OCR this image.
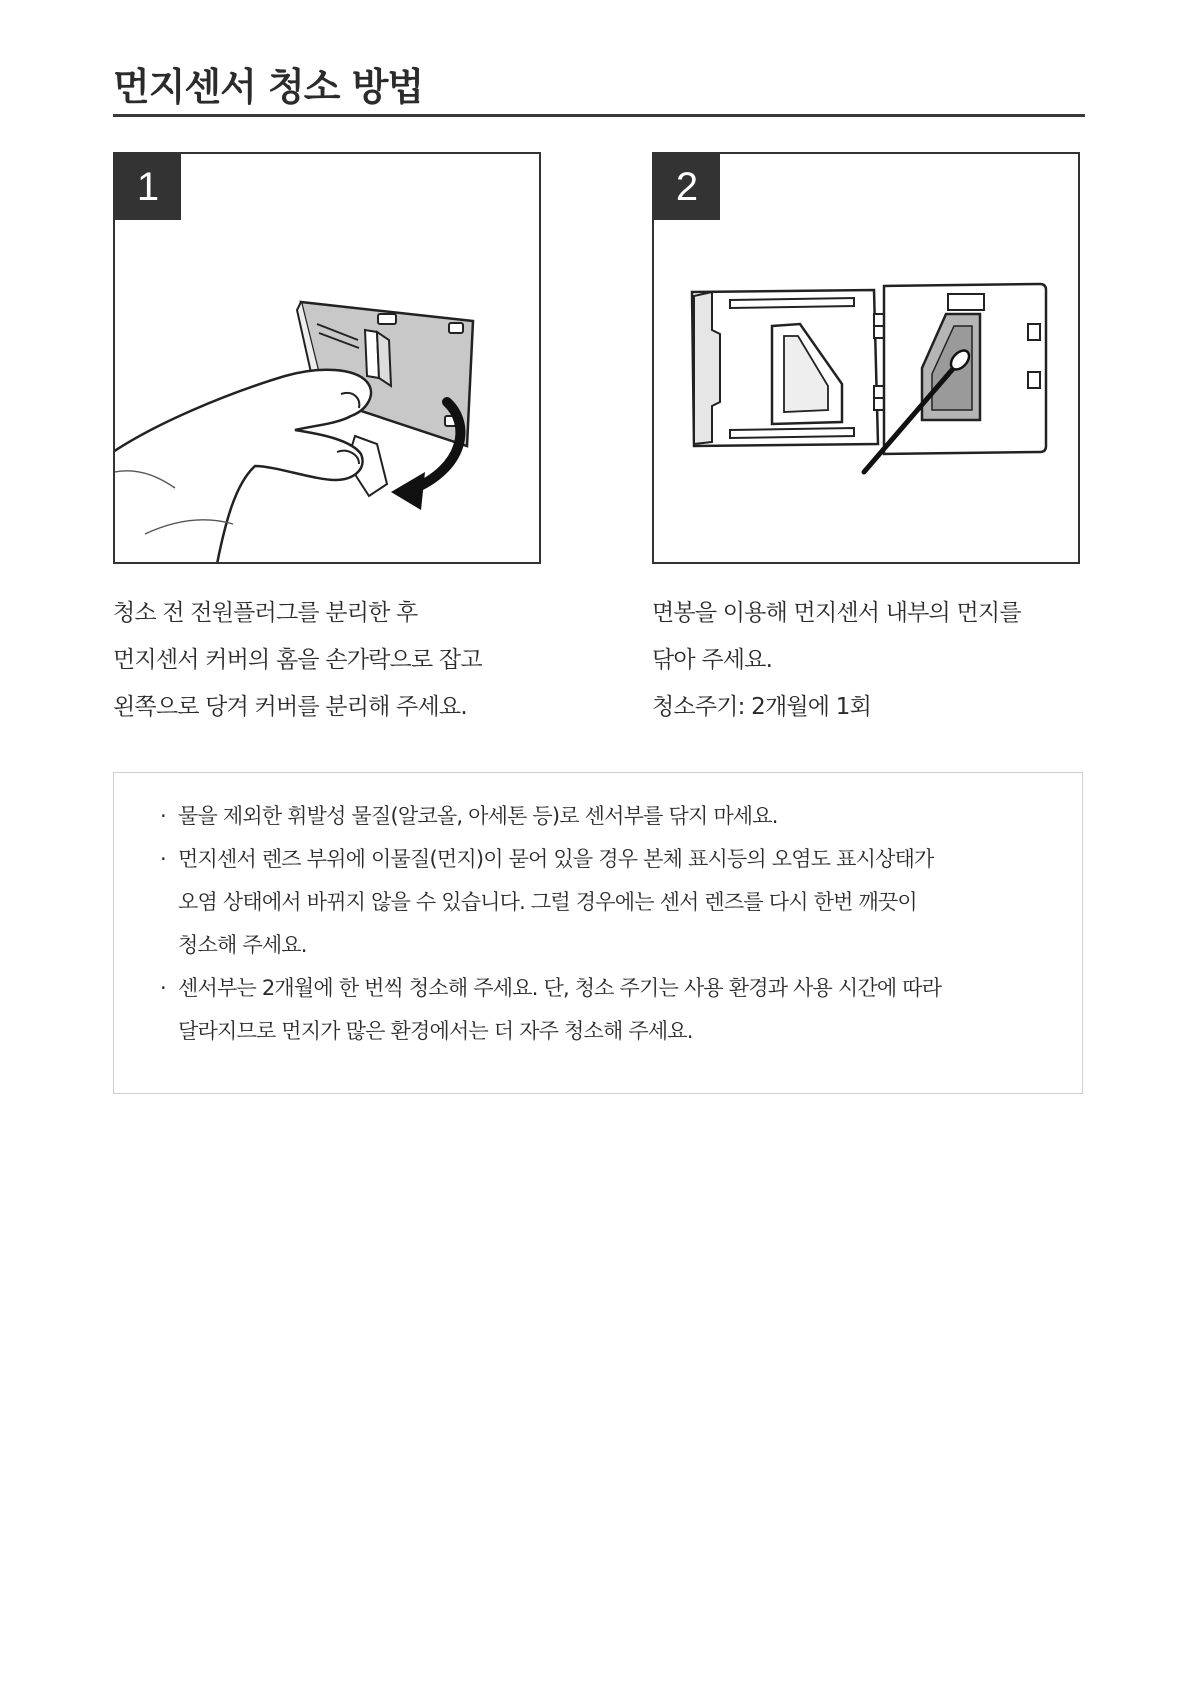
먼지센서 청소 방법
1	2
청소 전 전원플러그를 분리한 후
먼지센서 커버의 홈을 손가락으로 잡고
왼쪽으로 당겨 커버를 분리해 주세요.
면봉을 이용해 먼지센서 내부의 먼지를
닦아 주세요.
청소주기: 2개월에 1회
· 물을 제외한 휘발성 물질(알코올, 아세톤 등)로 센서부를 닦지 마세요.
· 먼지센서 렌즈 부위에 이물질(먼지)이 묻어 있을 경우 본체 표시등의 오염도 표시상태가
오염 상태에서 바뀌지 않을 수 있습니다. 그럴 경우에는 센서 렌즈를 다시 한번 깨끗이
청소해 주세요.
· 센서부는 2개월에 한 번씩 청소해 주세요. 단, 청소 주기는 사용 환경과 사용 시간에 따라
달라지므로 먼지가 많은 환경에서는 더 자주 청소해 주세요.
